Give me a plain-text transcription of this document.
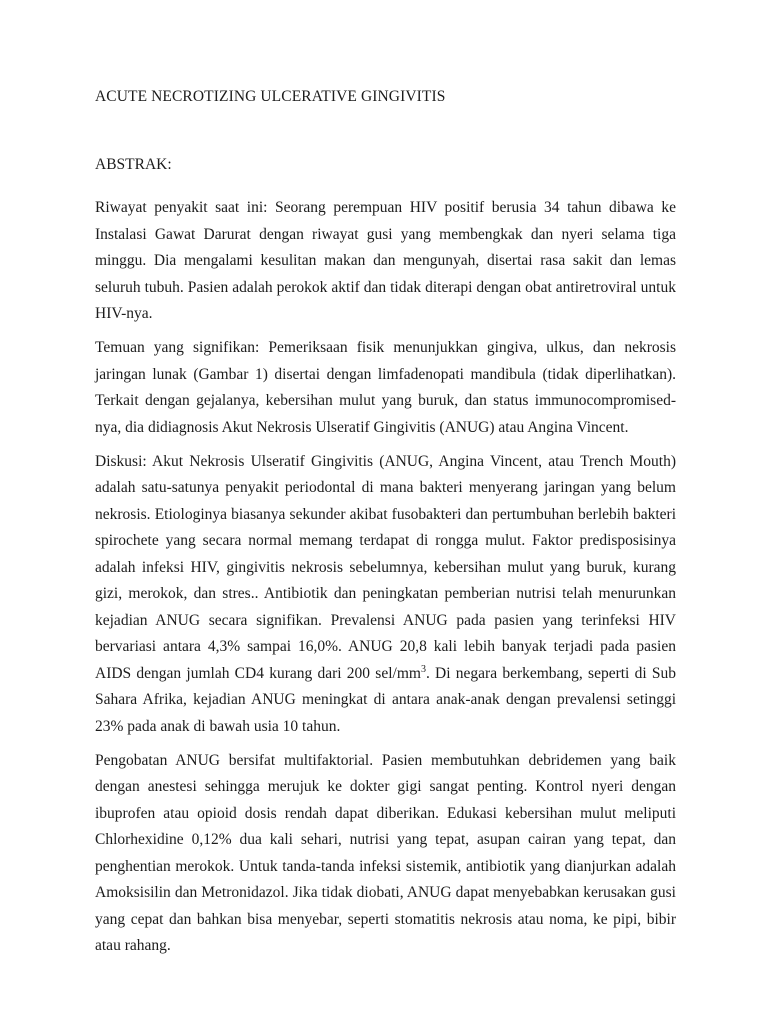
ACUTE NECROTIZING ULCERATIVE GINGIVITIS

ABSTRAK:

Riwayat penyakit saat ini: Seorang perempuan HIV positif berusia 34 tahun dibawa ke Instalasi Gawat Darurat dengan riwayat gusi yang membengkak dan nyeri selama tiga minggu. Dia mengalami kesulitan makan dan mengunyah, disertai rasa sakit dan lemas seluruh tubuh. Pasien adalah perokok aktif dan tidak diterapi dengan obat antiretroviral untuk HIV-nya.

Temuan yang signifikan: Pemeriksaan fisik menunjukkan gingiva, ulkus, dan nekrosis jaringan lunak (Gambar 1) disertai dengan limfadenopati mandibula (tidak diperlihatkan). Terkait dengan gejalanya, kebersihan mulut yang buruk, dan status immunocompromised-nya, dia didiagnosis Akut Nekrosis Ulseratif Gingivitis (ANUG) atau Angina Vincent.

Diskusi: Akut Nekrosis Ulseratif Gingivitis (ANUG, Angina Vincent, atau Trench Mouth) adalah satu-satunya penyakit periodontal di mana bakteri menyerang jaringan yang belum nekrosis. Etiologinya biasanya sekunder akibat fusobakteri dan pertumbuhan berlebih bakteri spirochete yang secara normal memang terdapat di rongga mulut. Faktor predisposisinya adalah infeksi HIV, gingivitis nekrosis sebelumnya, kebersihan mulut yang buruk, kurang gizi, merokok, dan stres.. Antibiotik dan peningkatan pemberian nutrisi telah menurunkan kejadian ANUG secara signifikan. Prevalensi ANUG pada pasien yang terinfeksi HIV bervariasi antara 4,3% sampai 16,0%. ANUG 20,8 kali lebih banyak terjadi pada pasien AIDS dengan jumlah CD4 kurang dari 200 sel/$mm^3$. Di negara berkembang, seperti di Sub Sahara Afrika, kejadian ANUG meningkat di antara anak-anak dengan prevalensi setinggi 23% pada anak di bawah usia 10 tahun.

Pengobatan ANUG bersifat multifaktorial. Pasien membutuhkan debridemen yang baik dengan anestesi sehingga merujuk ke dokter gigi sangat penting. Kontrol nyeri dengan ibuprofen atau opioid dosis rendah dapat diberikan. Edukasi kebersihan mulut meliputi Chlorhexidine 0,12% dua kali sehari, nutrisi yang tepat, asupan cairan yang tepat, dan penghentian merokok. Untuk tanda-tanda infeksi sistemik, antibiotik yang dianjurkan adalah Amoksisilin dan Metronidazol. Jika tidak diobati, ANUG dapat menyebabkan kerusakan gusi yang cepat dan bahkan bisa menyebar, seperti stomatitis nekrosis atau noma, ke pipi, bibir atau rahang.
